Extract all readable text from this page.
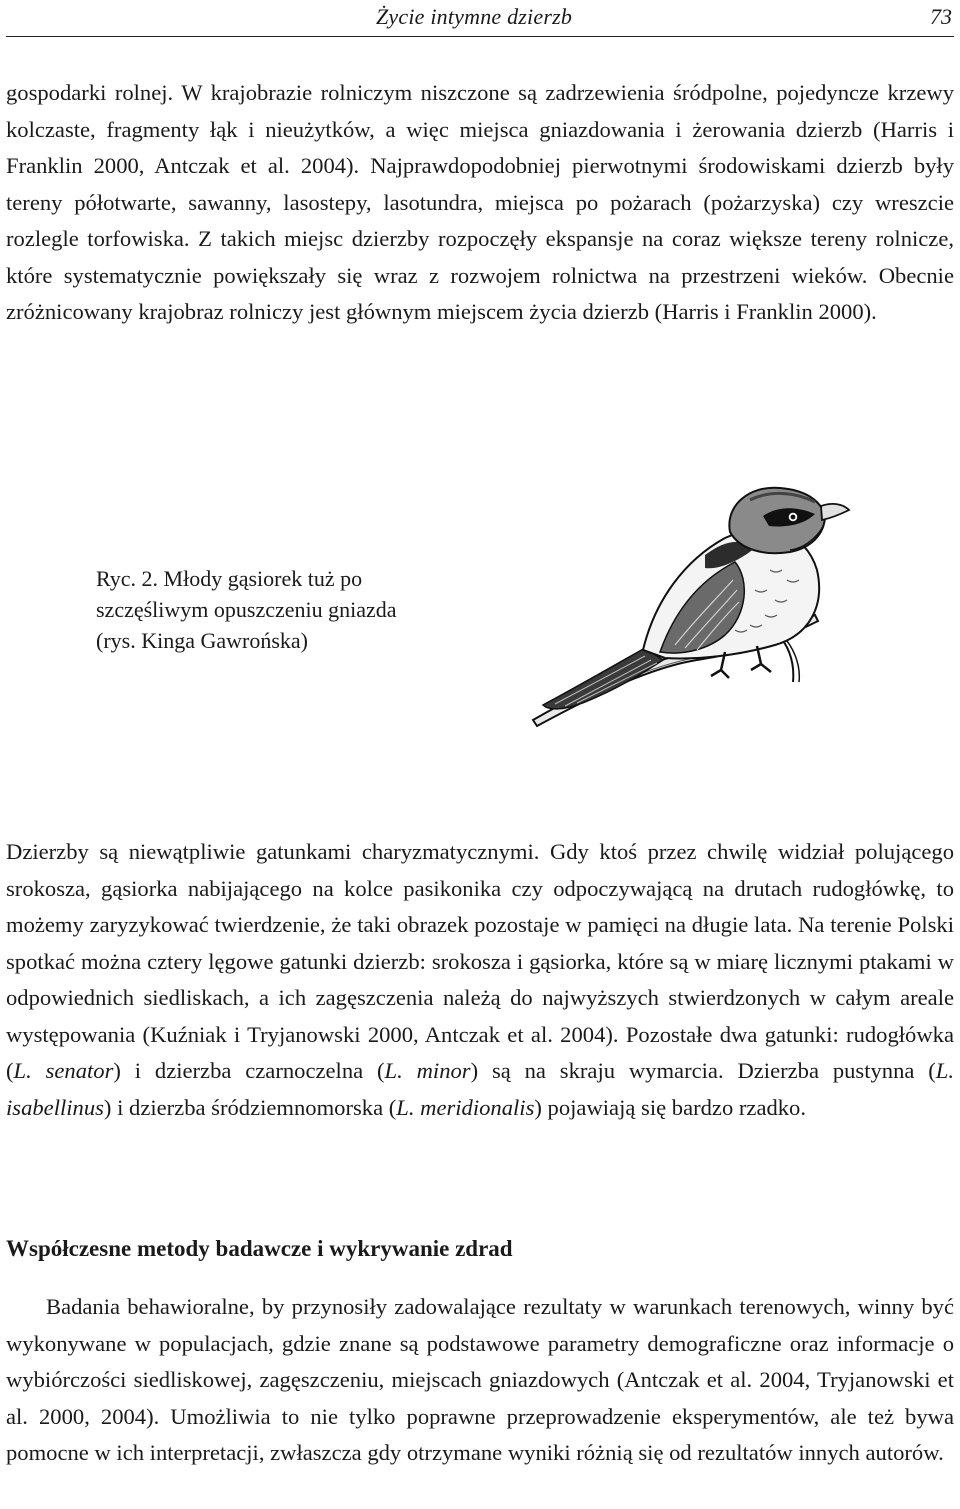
Życie intymne dzierzb	73

gospodarki rolnej. W krajobrazie rolniczym niszczone są zadrzewienia śródpolne, pojedyncze krzewy kolczaste, fragmenty łąk i nieużytków, a więc miejsca gniazdowania i żerowania dzierzb (Harris i Franklin 2000, Antczak et al. 2004). Najprawdopodobniej pierwotnymi środowiskami dzierzb były tereny półotwarte, sawanny, lasostepy, lasotundra, miejsca po pożarach (pożarzyska) czy wreszcie rozlegle torfowiska. Z takich miejsc dzierzby rozpoczęły ekspansje na coraz większe tereny rolnicze, które systematycznie powiększały się wraz z rozwojem rolnictwa na przestrzeni wieków. Obecnie zróżnicowany krajobraz rolniczy jest głównym miejscem życia dzierzb (Harris i Franklin 2000).

Ryc. 2. Młody gąsiorek tuż po
szczęśliwym opuszczeniu gniazda
(rys. Kinga Gawrońska)

Dzierzby są niewątpliwie gatunkami charyzmatycznymi. Gdy ktoś przez chwilę widział polującego srokosza, gąsiorka nabijającego na kolce pasikonika czy odpoczywającą na drutach rudogłówkę, to możemy zaryzykować twierdzenie, że taki obrazek pozostaje w pamięci na długie lata. Na terenie Polski spotkać można cztery lęgowe gatunki dzierzb: srokosza i gąsiorka, które są w miarę licznymi ptakami w odpowiednich siedliskach, a ich zagęszczenia należą do najwyższych stwierdzonych w całym areale występowania (Kuźniak i Tryjanowski 2000, Antczak et al. 2004). Pozostałe dwa gatunki: rudogłówka (L. senator) i dzierzba czarnoczelna (L. minor) są na skraju wymarcia. Dzierzba pustynna (L. isabellinus) i dzierzba śródziemnomorska (L. meridionalis) pojawiają się bardzo rzadko.

Współczesne metody badawcze i wykrywanie zdrad

Badania behawioralne, by przynosiły zadowalające rezultaty w warunkach terenowych, winny być wykonywane w populacjach, gdzie znane są podstawowe parametry demograficzne oraz informacje o wybiórczości siedliskowej, zagęszczeniu, miejscach gniazdowych (Antczak et al. 2004, Tryjanowski et al. 2000, 2004). Umożliwia to nie tylko poprawne przeprowadzenie eksperymentów, ale też bywa pomocne w ich interpretacji, zwłaszcza gdy otrzymane wyniki różnią się od rezultatów innych autorów.
